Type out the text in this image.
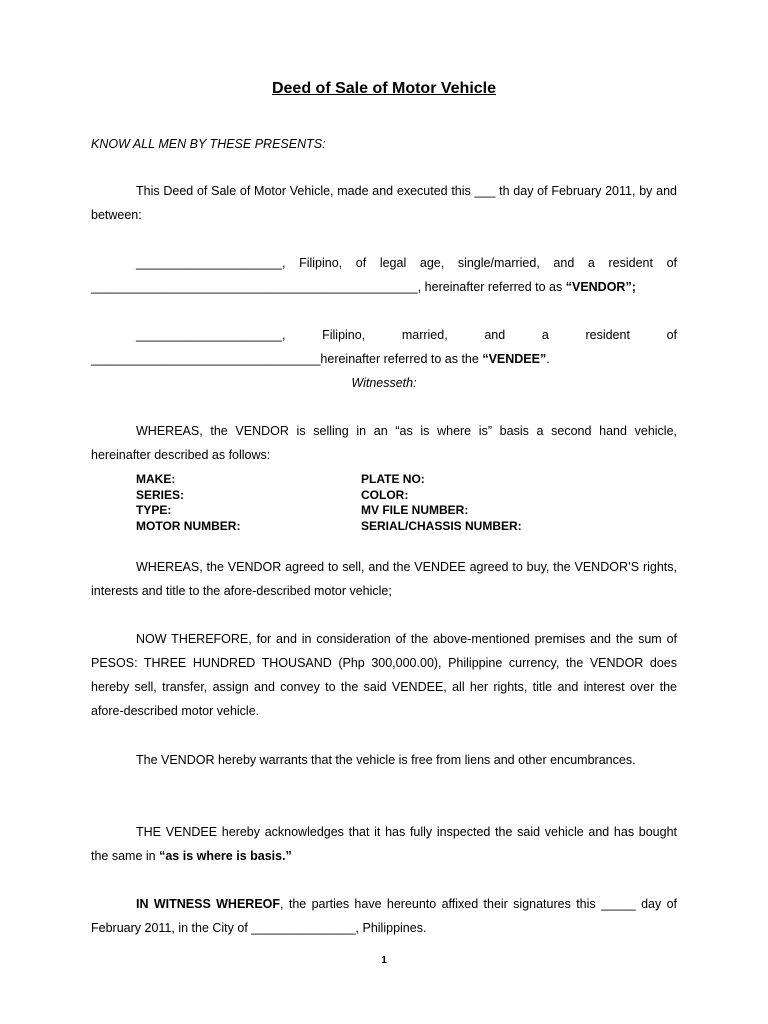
Deed of Sale of Motor Vehicle
KNOW ALL MEN BY THESE PRESENTS:
This Deed of Sale of Motor Vehicle, made and executed this ___ th day of February 2011, by and between:
_____________________, Filipino, of legal age, single/married, and a resident of
_______________________________________________, hereinafter referred to as “VENDOR”;
_____________________, Filipino, married, and a resident of
_________________________________hereinafter referred to as the “VENDEE”.
Witnesseth:
WHEREAS, the VENDOR is selling in an “as is where is” basis a second hand vehicle, hereinafter described as follows:
MAKE:	PLATE NO:
SERIES:	COLOR:
TYPE:	MV FILE NUMBER:
MOTOR NUMBER:	SERIAL/CHASSIS NUMBER:
WHEREAS, the VENDOR agreed to sell, and the VENDEE agreed to buy, the VENDOR’S rights, interests and title to the afore-described motor vehicle;
NOW THEREFORE, for and in consideration of the above-mentioned premises and the sum of PESOS: THREE HUNDRED THOUSAND (Php 300,000.00), Philippine currency, the VENDOR does hereby sell, transfer, assign and convey to the said VENDEE, all her rights, title and interest over the afore-described motor vehicle.
The VENDOR hereby warrants that the vehicle is free from liens and other encumbrances.
THE VENDEE hereby acknowledges that it has fully inspected the said vehicle and has bought the same in “as is where is basis.”
IN WITNESS WHEREOF, the parties have hereunto affixed their signatures this _____ day of February 2011, in the City of _______________, Philippines.
1
